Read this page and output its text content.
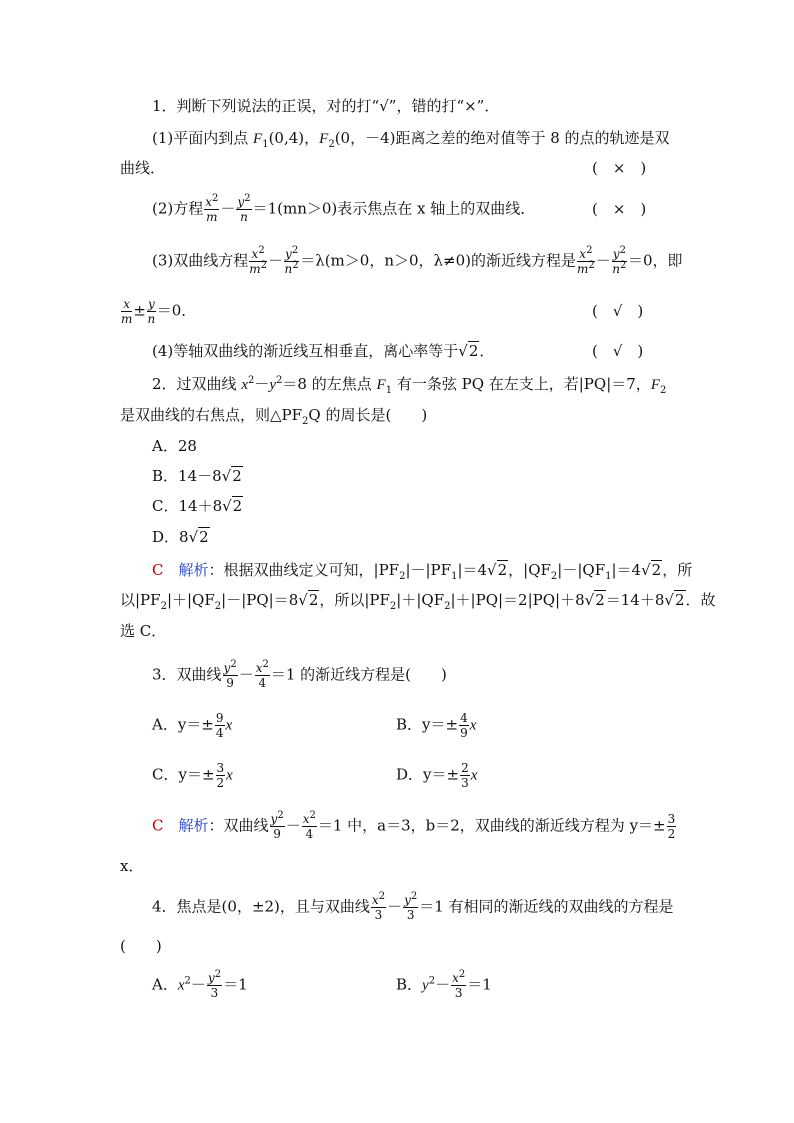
1．判断下列说法的正误，对的打“√”，错的打“×”．
(1)平面内到点 $F_1(0,4)$，$F_2(0$，－4)距离之差的绝对值等于 8 的点的轨迹是双
曲线．	(　×　)
(2)方程 $\frac{x^2}{m} - \frac{y^2}{n} =1(mn>0)$表示焦点在 x 轴上的双曲线．	(　×　)
(3)双曲线方程 $\frac{x^2}{m^2} - \frac{y^2}{n^2} =\lambda(m>0$，n＞0，λ≠0)的渐近线方程是 $\frac{x^2}{m^2} - \frac{y^2}{n^2} =0$，即
$\frac{x}{m} \pm \frac{y}{n} =0$．	(　√　)
(4)等轴双曲线的渐近线互相垂直，离心率等于√2．	(　√　)
2．过双曲线 $x^2-y^2=8$ 的左焦点 $F_1$ 有一条弦 PQ 在左支上，若|PQ|＝7，$F_2$
是双曲线的右焦点，则$\triangle PF_2Q$ 的周长是(　　)
A．28
B．14－8√2
C．14＋8√2
D．8√2
C　 解析：根据双曲线定义可知，$|PF_2|-|PF_1|=4√2$，$|QF_2|-|QF_1|=4√2$，所
以$|PF_2|+|QF_2|-|PQ|=8√2$，所以$|PF_2|+|QF_2|+|PQ|=2|PQ|+8√2=14+8√2$．故
选 C．
3．双曲线 $\frac{y^2}{9} - \frac{x^2}{4} =1$ 的渐近线方程是(　　)
A．$y=\pm \frac{9}{4}$ x	B．$y=\pm \frac{4}{9}$ x
C．$y=\pm \frac{3}{2}$ x	D．$y=\pm \frac{2}{3}$ x
C　 解析：双曲线 $\frac{y^2}{9} - \frac{x^2}{4} =1$ 中，a＝3，b＝2，双曲线的渐近线方程为 $y=\pm \frac{3}{2}$
x．
4．焦点是(0，±2)，且与双曲线 $\frac{x^2}{3} - \frac{y^2}{3} =1$ 有相同的渐近线的双曲线的方程是
(　　)
A．$x^2- \frac{y^2}{3} =1$	B．$y^2- \frac{x^2}{3} =1$
